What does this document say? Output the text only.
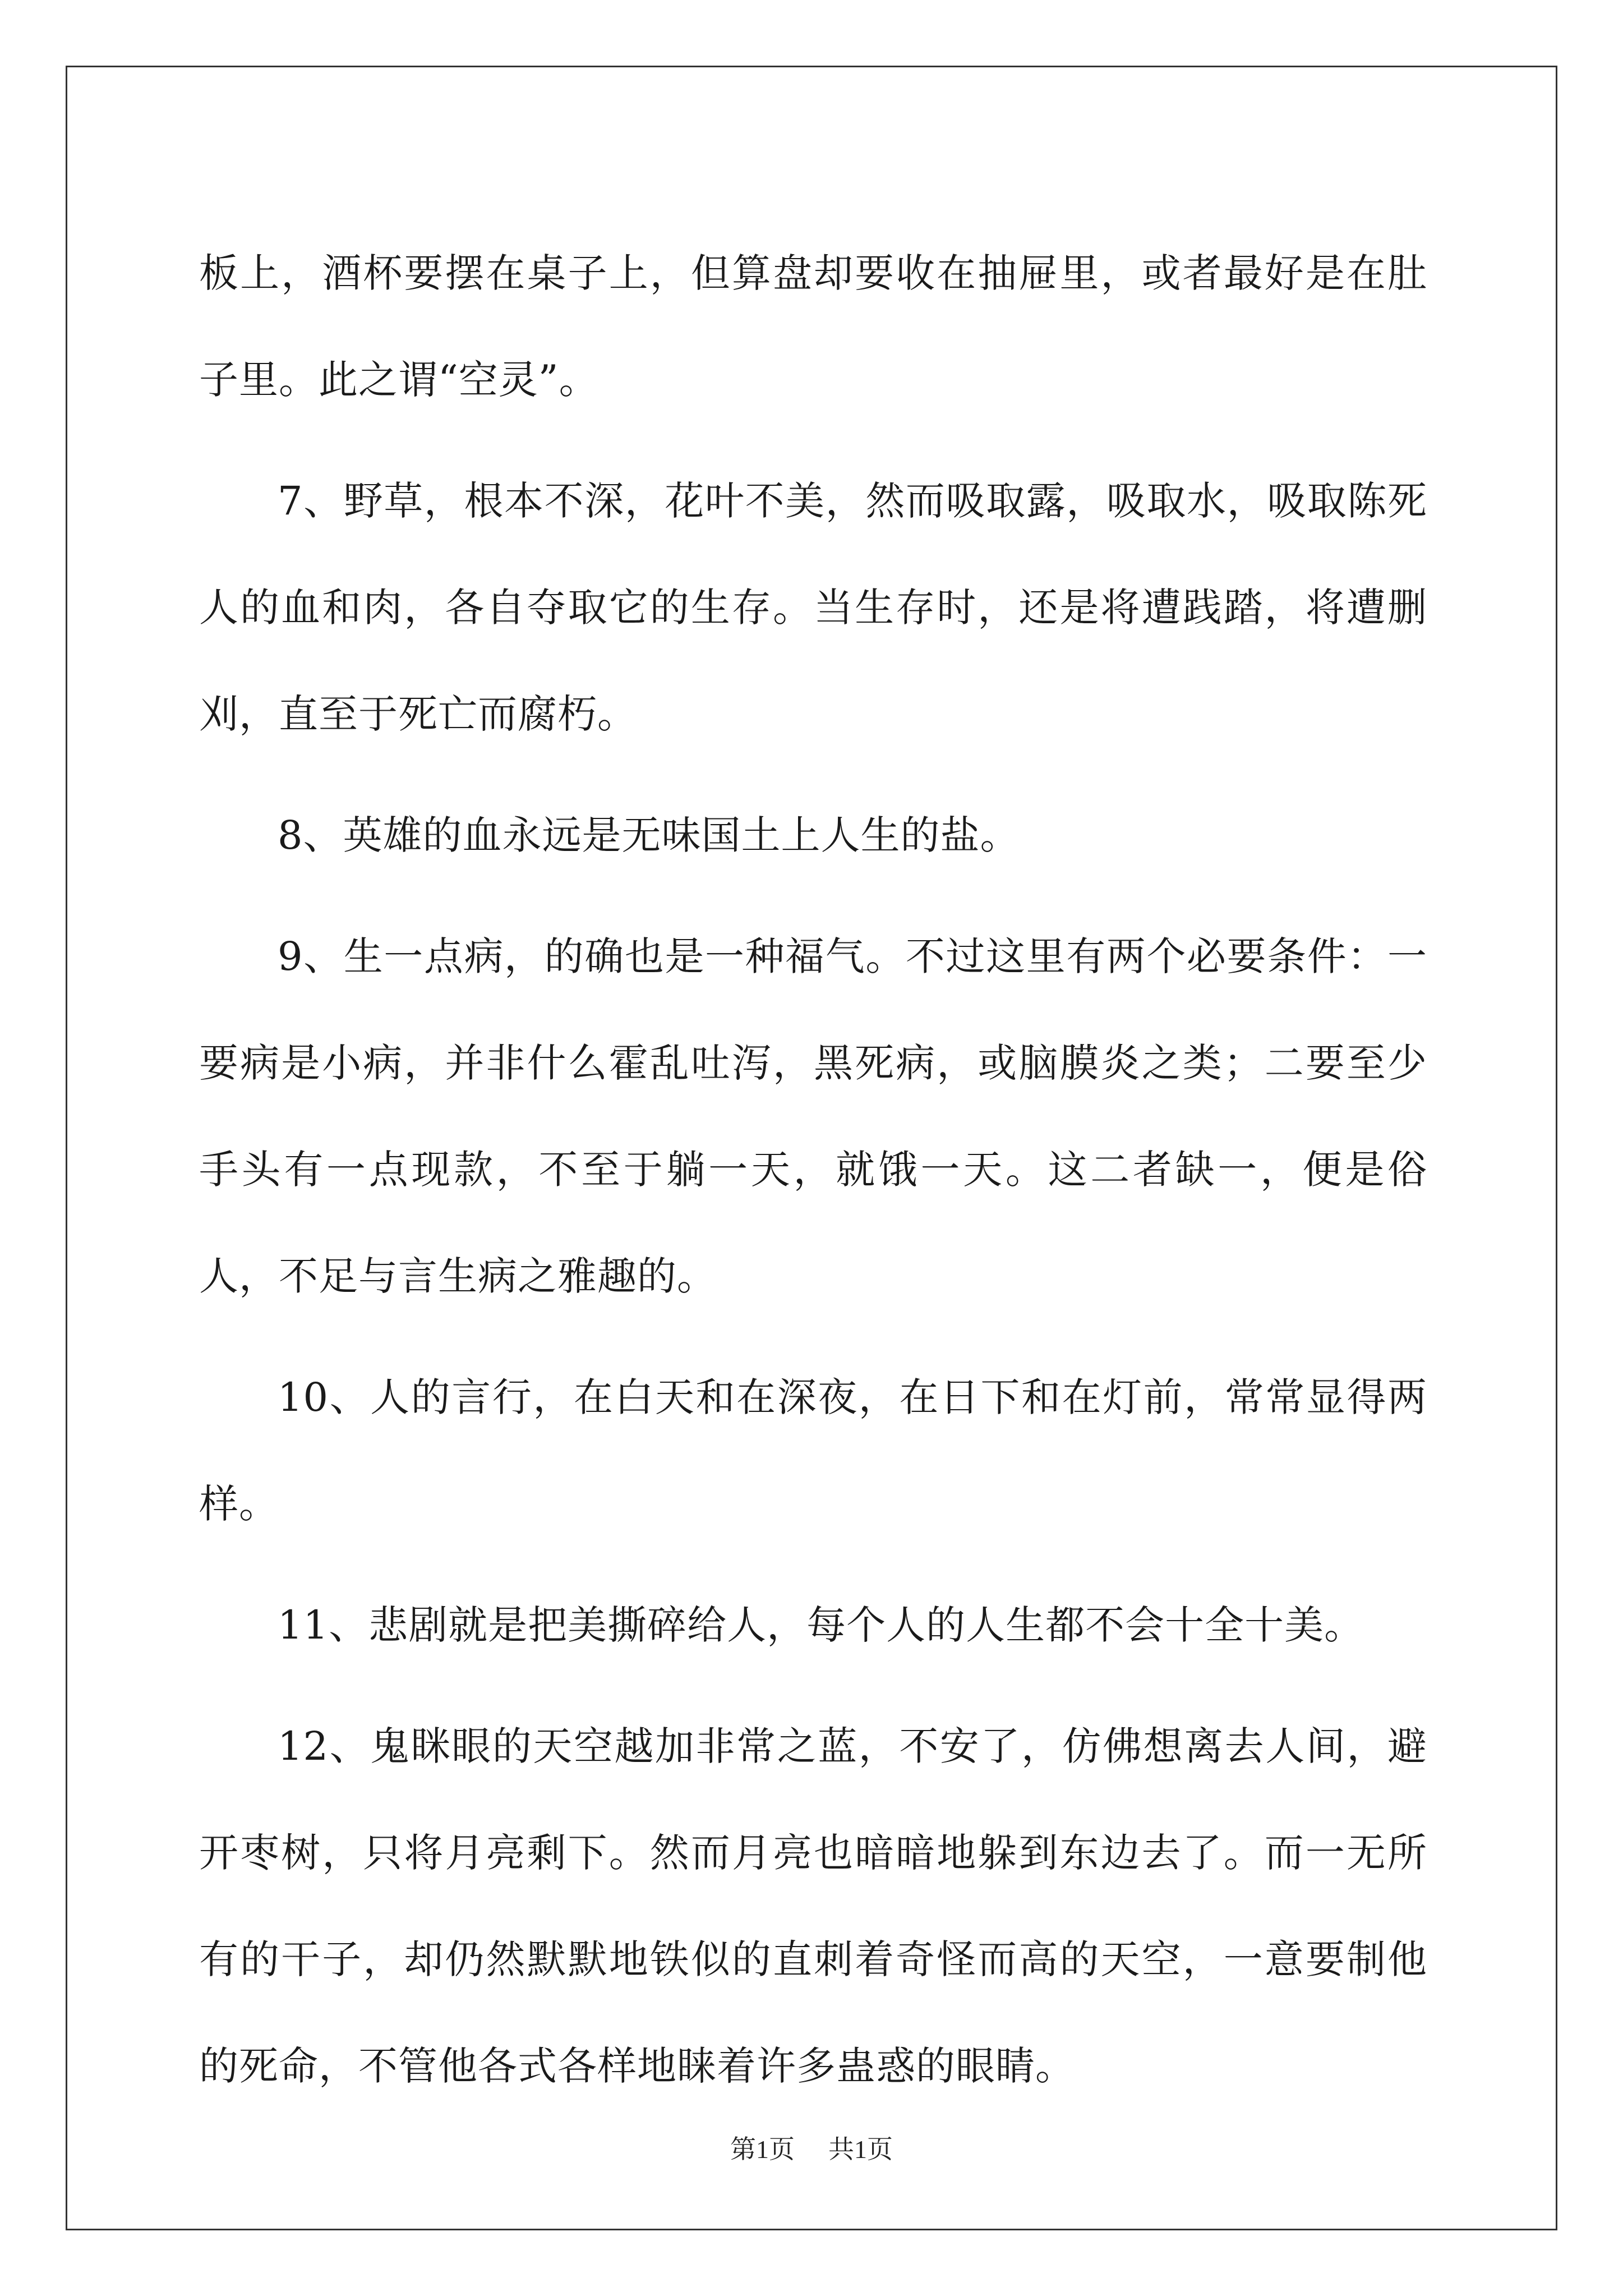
板上，酒杯要摆在桌子上，但算盘却要收在抽屉里，或者最好是在肚子里。此之谓“空灵”。

7、野草，根本不深，花叶不美，然而吸取露，吸取水，吸取陈死人的血和肉，各自夺取它的生存。当生存时，还是将遭践踏，将遭删刈，直至于死亡而腐朽。

8、英雄的血永远是无味国土上人生的盐。

9、生一点病，的确也是一种福气。不过这里有两个必要条件：一要病是小病，并非什么霍乱吐泻，黑死病，或脑膜炎之类；二要至少手头有一点现款，不至于躺一天，就饿一天。这二者缺一，便是俗人，不足与言生病之雅趣的。

10、人的言行，在白天和在深夜，在日下和在灯前，常常显得两样。

11、悲剧就是把美撕碎给人，每个人的人生都不会十全十美。

12、鬼眯眼的天空越加非常之蓝，不安了，仿佛想离去人间，避开枣树，只将月亮剩下。然而月亮也暗暗地躲到东边去了。而一无所有的干子，却仍然默默地铁似的直刺着奇怪而高的天空，一意要制他的死命，不管他各式各样地睐着许多蛊惑的眼睛。

第1页 共1页
